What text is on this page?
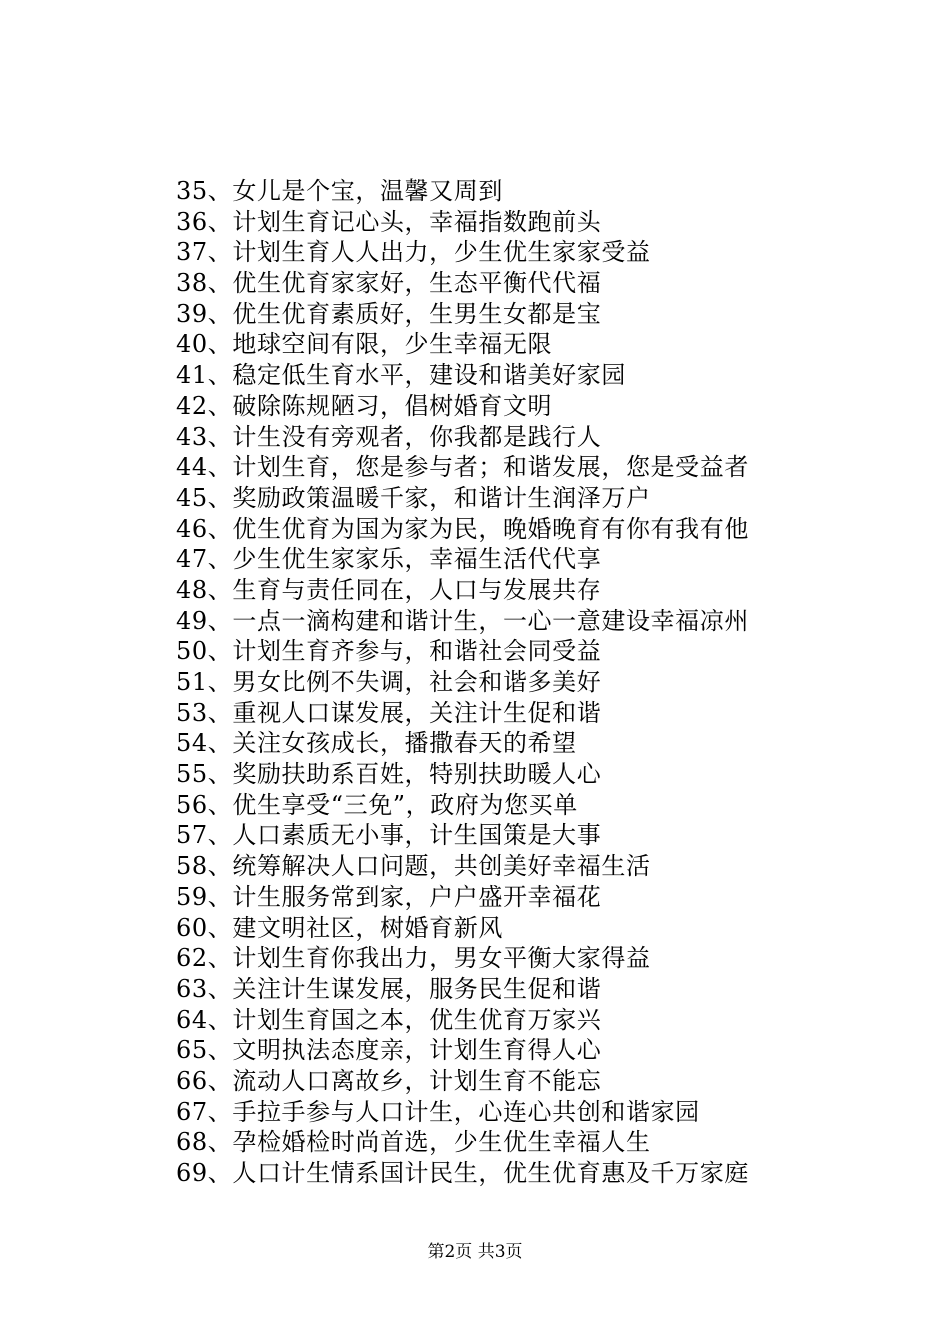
35、女儿是个宝，温馨又周到
36、计划生育记心头，幸福指数跑前头
37、计划生育人人出力，少生优生家家受益
38、优生优育家家好，生态平衡代代福
39、优生优育素质好，生男生女都是宝
40、地球空间有限，少生幸福无限
41、稳定低生育水平，建设和谐美好家园
42、破除陈规陋习，倡树婚育文明
43、计生没有旁观者，你我都是践行人
44、计划生育，您是参与者；和谐发展，您是受益者
45、奖励政策温暖千家，和谐计生润泽万户
46、优生优育为国为家为民，晚婚晚育有你有我有他
47、少生优生家家乐，幸福生活代代享
48、生育与责任同在，人口与发展共存
49、一点一滴构建和谐计生，一心一意建设幸福凉州
50、计划生育齐参与，和谐社会同受益
51、男女比例不失调，社会和谐多美好
53、重视人口谋发展，关注计生促和谐
54、关注女孩成长，播撒春天的希望
55、奖励扶助系百姓，特别扶助暖人心
56、优生享受“三免”，政府为您买单
57、人口素质无小事，计生国策是大事
58、统筹解决人口问题，共创美好幸福生活
59、计生服务常到家，户户盛开幸福花
60、建文明社区，树婚育新风
62、计划生育你我出力，男女平衡大家得益
63、关注计生谋发展，服务民生促和谐
64、计划生育国之本，优生优育万家兴
65、文明执法态度亲，计划生育得人心
66、流动人口离故乡，计划生育不能忘
67、手拉手参与人口计生，心连心共创和谐家园
68、孕检婚检时尚首选，少生优生幸福人生
69、人口计生情系国计民生，优生优育惠及千万家庭
第2页 共3页
